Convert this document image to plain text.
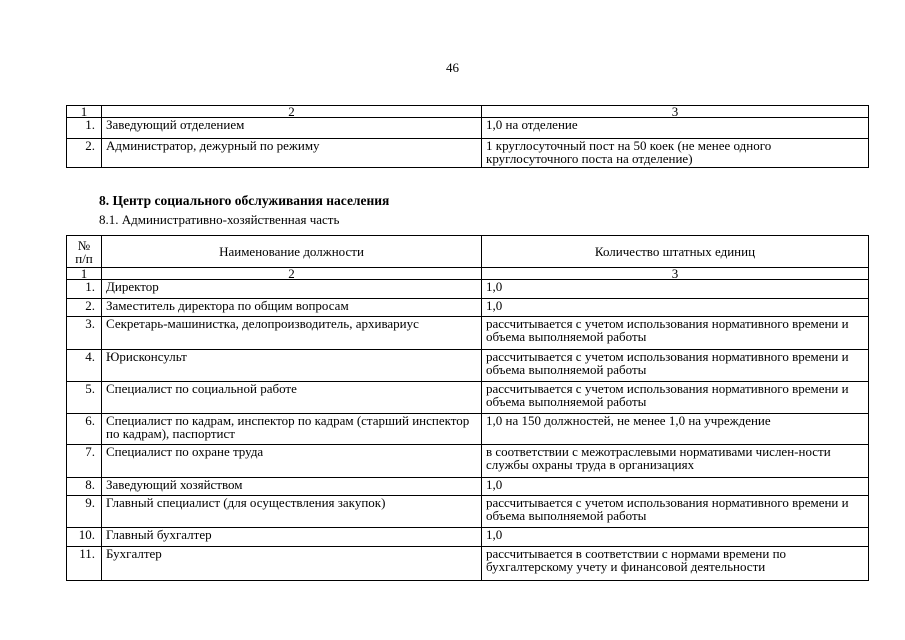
46
1	2	3
1.	Заведующий отделением	1,0 на отделение
2.	Администратор, дежурный по режиму	1 круглосуточный пост на 50 коек (не менее одного круглосуточного поста на отделение)
8. Центр социального обслуживания населения
8.1. Административно-хозяйственная часть
№ п/п	Наименование должности	Количество штатных единиц
1	2	3
1.	Директор	1,0
2.	Заместитель директора по общим вопросам	1,0
3.	Секретарь-машинистка, делопроизводитель, архивариус	рассчитывается с учетом использования нормативного времени и объема выполняемой работы
4.	Юрисконсульт	рассчитывается с учетом использования нормативного времени и объема выполняемой работы
5.	Специалист по социальной работе	рассчитывается с учетом использования нормативного времени и объема выполняемой работы
6.	Специалист по кадрам, инспектор по кадрам (старший инспектор по кадрам), паспортист	1,0 на 150 должностей, не менее 1,0 на учреждение
7.	Специалист по охране труда	в соответствии с межотраслевыми нормативами числен-ности службы охраны труда в организациях
8.	Заведующий хозяйством	1,0
9.	Главный специалист (для осуществления закупок)	рассчитывается с учетом использования нормативного времени и объема выполняемой работы
10.	Главный бухгалтер	1,0
11.	Бухгалтер	рассчитывается в соответствии с нормами времени по бухгалтерскому учету и финансовой деятельности
